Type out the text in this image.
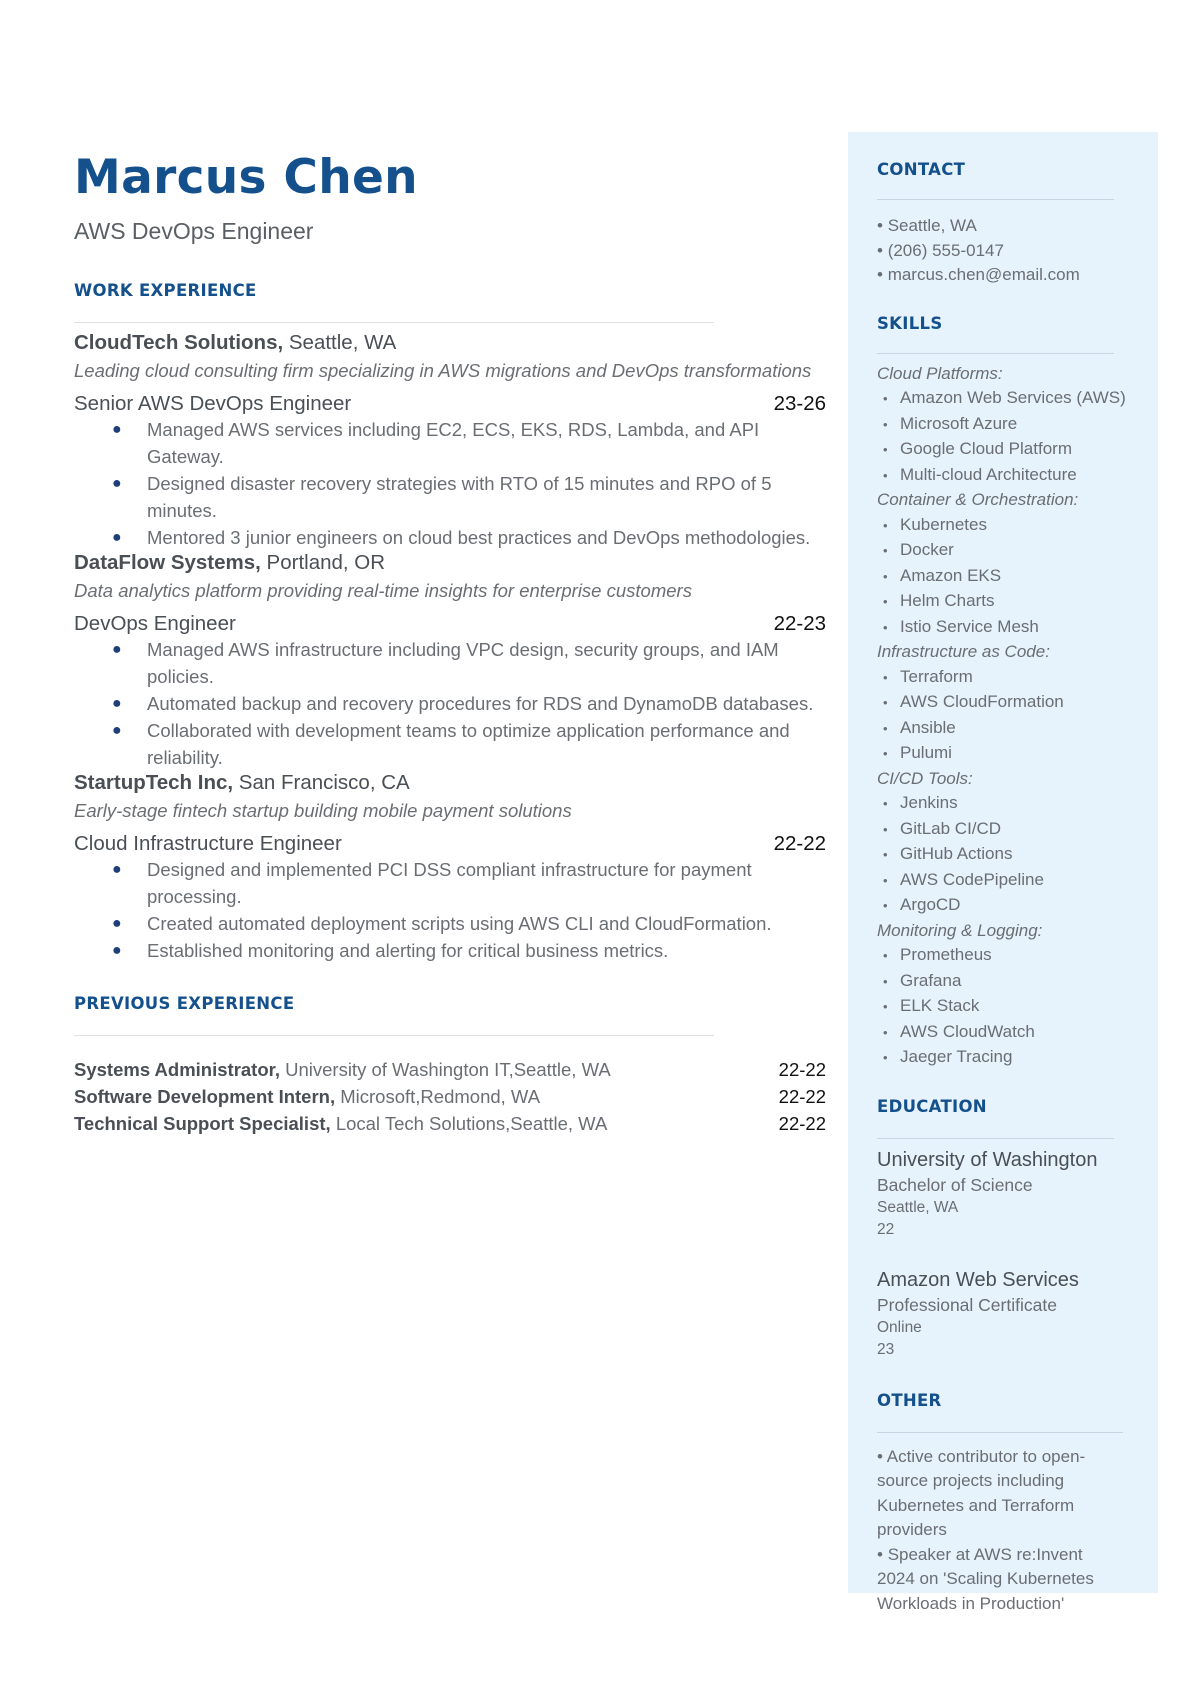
Marcus Chen
AWS DevOps Engineer
WORK EXPERIENCE
CloudTech Solutions, Seattle, WA
Leading cloud consulting firm specializing in AWS migrations and DevOps transformations
Senior AWS DevOps Engineer	23-26
● Managed AWS services including EC2, ECS, EKS, RDS, Lambda, and API Gateway.
● Designed disaster recovery strategies with RTO of 15 minutes and RPO of 5 minutes.
● Mentored 3 junior engineers on cloud best practices and DevOps methodologies.
DataFlow Systems, Portland, OR
Data analytics platform providing real-time insights for enterprise customers
DevOps Engineer	22-23
● Managed AWS infrastructure including VPC design, security groups, and IAM policies.
● Automated backup and recovery procedures for RDS and DynamoDB databases.
● Collaborated with development teams to optimize application performance and reliability.
StartupTech Inc, San Francisco, CA
Early-stage fintech startup building mobile payment solutions
Cloud Infrastructure Engineer	22-22
● Designed and implemented PCI DSS compliant infrastructure for payment processing.
● Created automated deployment scripts using AWS CLI and CloudFormation.
● Established monitoring and alerting for critical business metrics.
PREVIOUS EXPERIENCE
Systems Administrator, University of Washington IT,Seattle, WA	22-22
Software Development Intern, Microsoft,Redmond, WA	22-22
Technical Support Specialist, Local Tech Solutions,Seattle, WA	22-22
CONTACT
• Seattle, WA
• (206) 555-0147
• marcus.chen@email.com
SKILLS
Cloud Platforms:
• Amazon Web Services (AWS)
• Microsoft Azure
• Google Cloud Platform
• Multi-cloud Architecture
Container & Orchestration:
• Kubernetes
• Docker
• Amazon EKS
• Helm Charts
• Istio Service Mesh
Infrastructure as Code:
• Terraform
• AWS CloudFormation
• Ansible
• Pulumi
CI/CD Tools:
• Jenkins
• GitLab CI/CD
• GitHub Actions
• AWS CodePipeline
• ArgoCD
Monitoring & Logging:
• Prometheus
• Grafana
• ELK Stack
• AWS CloudWatch
• Jaeger Tracing
EDUCATION
University of Washington
Bachelor of Science
Seattle, WA
22
Amazon Web Services
Professional Certificate
Online
23
OTHER
• Active contributor to open-source projects including Kubernetes and Terraform providers
• Speaker at AWS re:Invent 2024 on 'Scaling Kubernetes Workloads in Production'
